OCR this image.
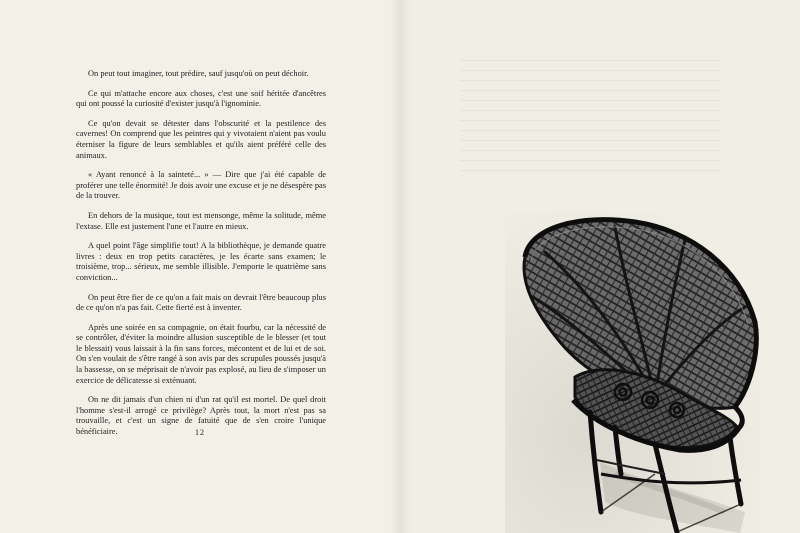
On peut tout imaginer, tout prédire, sauf jusqu'où on peut déchoir.

Ce qui m'attache encore aux choses, c'est une soif héritée d'ancêtres qui ont poussé la curiosité d'exister jusqu'à l'ignominie.

Ce qu'on devait se détester dans l'obscurité et la pestilence des cavernes! On comprend que les peintres qui y vivotaient n'aient pas voulu éterniser la figure de leurs semblables et qu'ils aient préféré celle des animaux.

« Ayant renoncé à la sainteté... » — Dire que j'ai été capable de proférer une telle énormité! Je dois avoir une excuse et je ne désespère pas de la trouver.

En dehors de la musique, tout est mensonge, même la solitude, même l'extase. Elle est justement l'une et l'autre en mieux.

A quel point l'âge simplifie tout! A la bibliothèque, je demande quatre livres : deux en trop petits caractères, je les écarte sans examen; le troisième, trop... sérieux, me semble illisible. J'emporte le quatrième sans conviction...

On peut être fier de ce qu'on a fait mais on devrait l'être beaucoup plus de ce qu'on n'a pas fait. Cette fierté est à inventer.

Après une soirée en sa compagnie, on était fourbu, car la nécessité de se contrôler, d'éviter la moindre allusion susceptible de le blesser (et tout le blessait) vous laissait à la fin sans forces, mécontent et de lui et de soi. On s'en voulait de s'être rangé à son avis par des scrupules poussés jusqu'à la bassesse, on se méprisait de n'avoir pas explosé, au lieu de s'imposer un exercice de délicatesse si exténuant.

On ne dit jamais d'un chien ni d'un rat qu'il est mortel. De quel droit l'homme s'est-il arrogé ce privilège? Après tout, la mort n'est pas sa trouvaille, et c'est un signe de fatuité que de s'en croire l'unique bénéficiaire.	12
